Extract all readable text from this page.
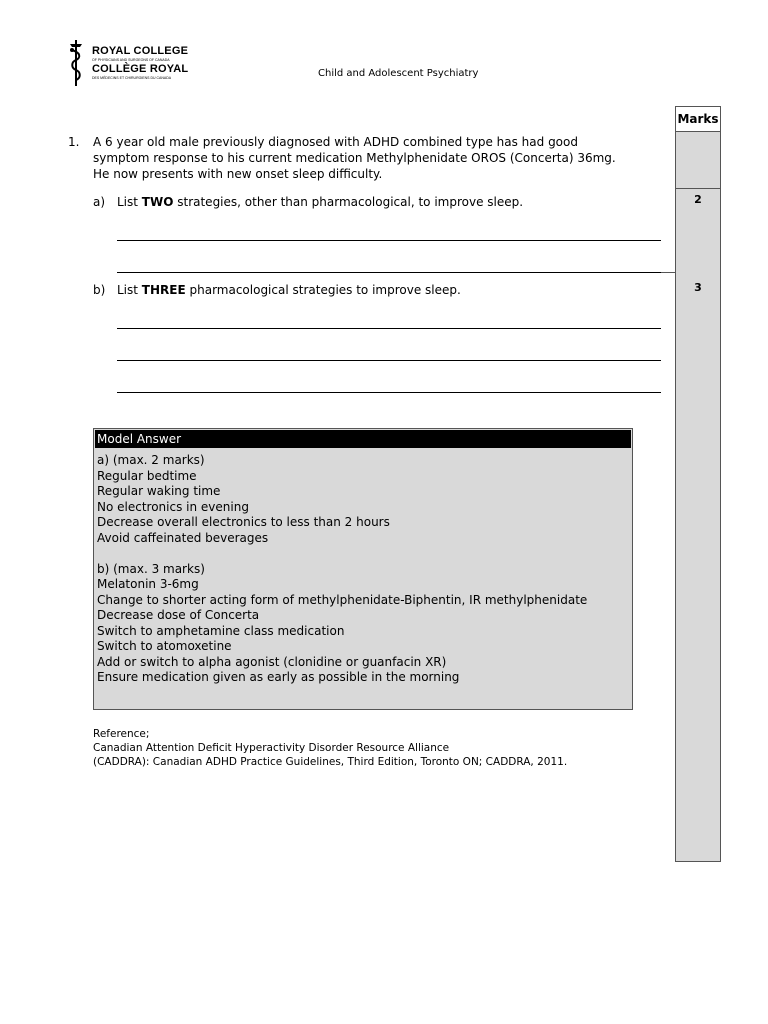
ROYAL COLLEGE
OF PHYSICIANS AND SURGEONS OF CANADA
COLLÈGE ROYAL
DES MÉDECINS ET CHIRURGIENS DU CANADA	Child and Adolescent Psychiatry
Marks
2
3
1. A 6 year old male previously diagnosed with ADHD combined type has had good
symptom response to his current medication Methylphenidate OROS (Concerta) 36mg.
He now presents with new onset sleep difficulty.
a) List TWO strategies, other than pharmacological, to improve sleep.
b) List THREE pharmacological strategies to improve sleep.
Model Answer
a) (max. 2 marks)
Regular bedtime
Regular waking time
No electronics in evening
Decrease overall electronics to less than 2 hours
Avoid caffeinated beverages
b) (max. 3 marks)
Melatonin 3-6mg
Change to shorter acting form of methylphenidate-Biphentin, IR methylphenidate
Decrease dose of Concerta
Switch to amphetamine class medication
Switch to atomoxetine
Add or switch to alpha agonist (clonidine or guanfacin XR)
Ensure medication given as early as possible in the morning
Reference;
Canadian Attention Deficit Hyperactivity Disorder Resource Alliance
(CADDRA): Canadian ADHD Practice Guidelines, Third Edition, Toronto ON; CADDRA, 2011.
